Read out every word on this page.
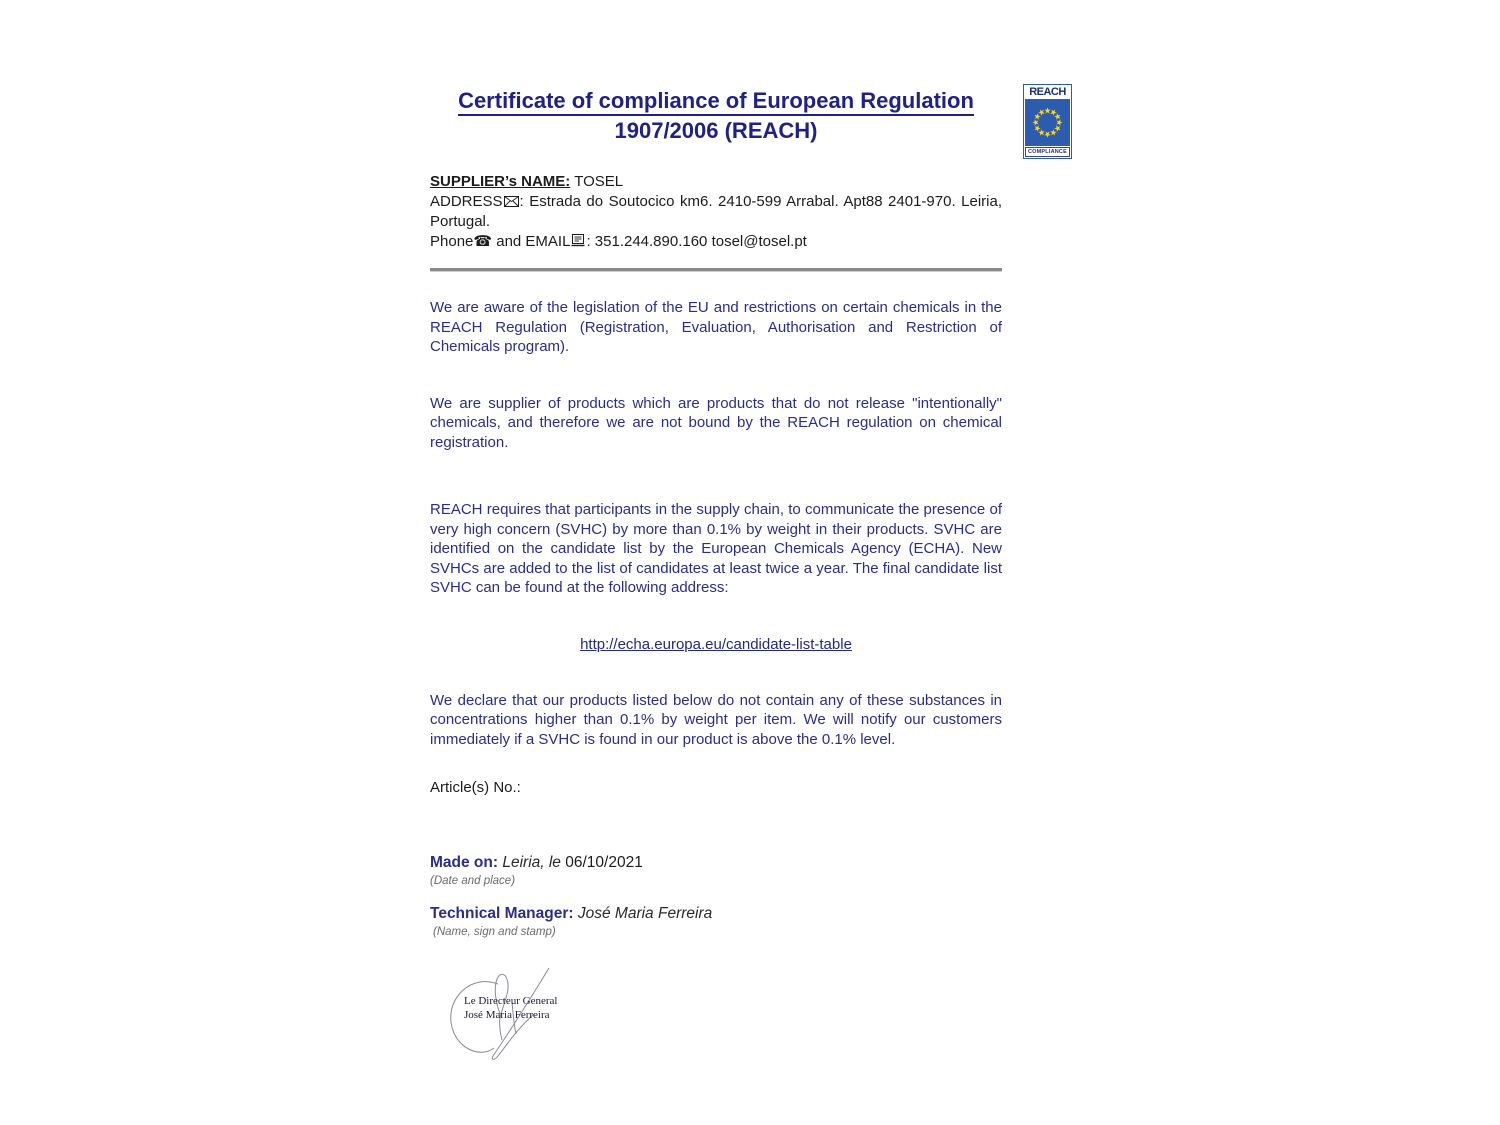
REACH
COMPLIANCE
Certificate of compliance of European Regulation
1907/2006 (REACH)
SUPPLIER’s NAME: TOSEL
ADDRESS : Estrada do Soutocico km6. 2410-599 Arrabal. Apt88 2401-970. Leiria, Portugal.
Phone☎ and EMAIL : 351.244.890.160 tosel@tosel.pt
We are aware of the legislation of the EU and restrictions on certain chemicals in the REACH Regulation (Registration, Evaluation, Authorisation and Restriction of Chemicals program).
We are supplier of products which are products that do not release "intentionally" chemicals, and therefore we are not bound by the REACH regulation on chemical registration.
REACH requires that participants in the supply chain, to communicate the presence of very high concern (SVHC) by more than 0.1% by weight in their products. SVHC are identified on the candidate list by the European Chemicals Agency (ECHA). New SVHCs are added to the list of candidates at least twice a year. The final candidate list SVHC can be found at the following address:
http://echa.europa.eu/candidate-list-table
We declare that our products listed below do not contain any of these substances in concentrations higher than 0.1% by weight per item. We will notify our customers immediately if a SVHC is found in our product is above the 0.1% level.
Article(s) No.:
Made on: Leiria, le 06/10/2021
(Date and place)
Technical Manager: José Maria Ferreira
(Name, sign and stamp)
Le Directeur General
José Maria Ferreira
